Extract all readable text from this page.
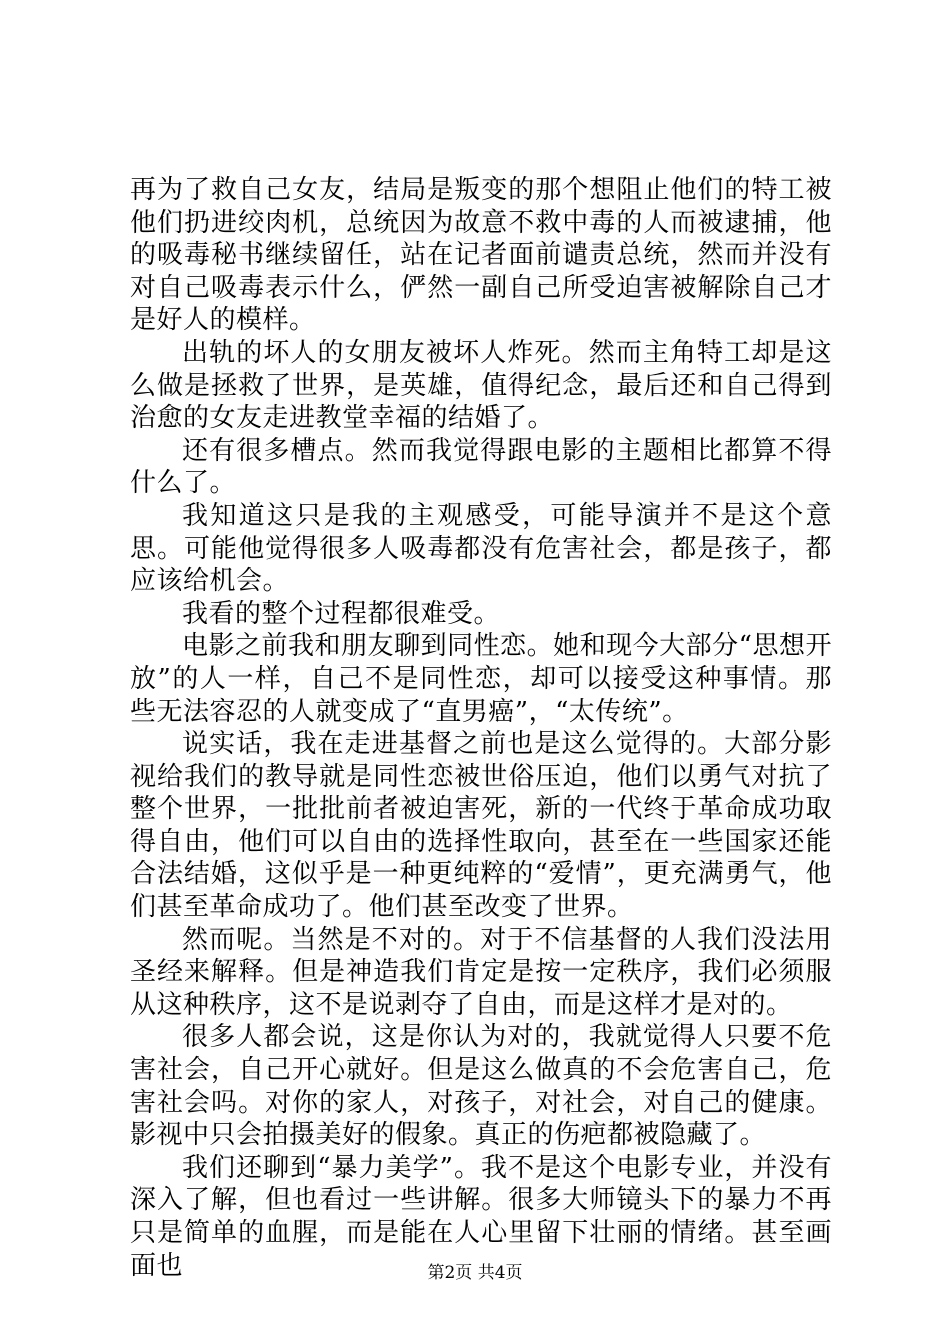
再为了救自己女友，结局是叛变的那个想阻止他们的特工被他们扔进绞肉机，总统因为故意不救中毒的人而被逮捕，他的吸毒秘书继续留任，站在记者面前谴责总统，然而并没有对自己吸毒表示什么，俨然一副自己所受迫害被解除自己才是好人的模样。

出轨的坏人的女朋友被坏人炸死。然而主角特工却是这么做是拯救了世界，是英雄，值得纪念，最后还和自己得到治愈的女友走进教堂幸福的结婚了。

还有很多槽点。然而我觉得跟电影的主题相比都算不得什么了。

我知道这只是我的主观感受，可能导演并不是这个意思。可能他觉得很多人吸毒都没有危害社会，都是孩子，都应该给机会。

我看的整个过程都很难受。

电影之前我和朋友聊到同性恋。她和现今大部分“思想开放”的人一样，自己不是同性恋，却可以接受这种事情。那些无法容忍的人就变成了“直男癌”，“太传统”。

说实话，我在走进基督之前也是这么觉得的。大部分影视给我们的教导就是同性恋被世俗压迫，他们以勇气对抗了整个世界，一批批前者被迫害死，新的一代终于革命成功取得自由，他们可以自由的选择性取向，甚至在一些国家还能合法结婚，这似乎是一种更纯粹的“爱情”，更充满勇气，他们甚至革命成功了。他们甚至改变了世界。

然而呢。当然是不对的。对于不信基督的人我们没法用圣经来解释。但是神造我们肯定是按一定秩序，我们必须服从这种秩序，这不是说剥夺了自由，而是这样才是对的。

很多人都会说，这是你认为对的，我就觉得人只要不危害社会，自己开心就好。但是这么做真的不会危害自己，危害社会吗。对你的家人，对孩子，对社会，对自己的健康。影视中只会拍摄美好的假象。真正的伤疤都被隐藏了。

我们还聊到“暴力美学”。我不是这个电影专业，并没有深入了解，但也看过一些讲解。很多大师镜头下的暴力不再只是简单的血腥，而是能在人心里留下壮丽的情绪。甚至画面也	第2页 共4页
